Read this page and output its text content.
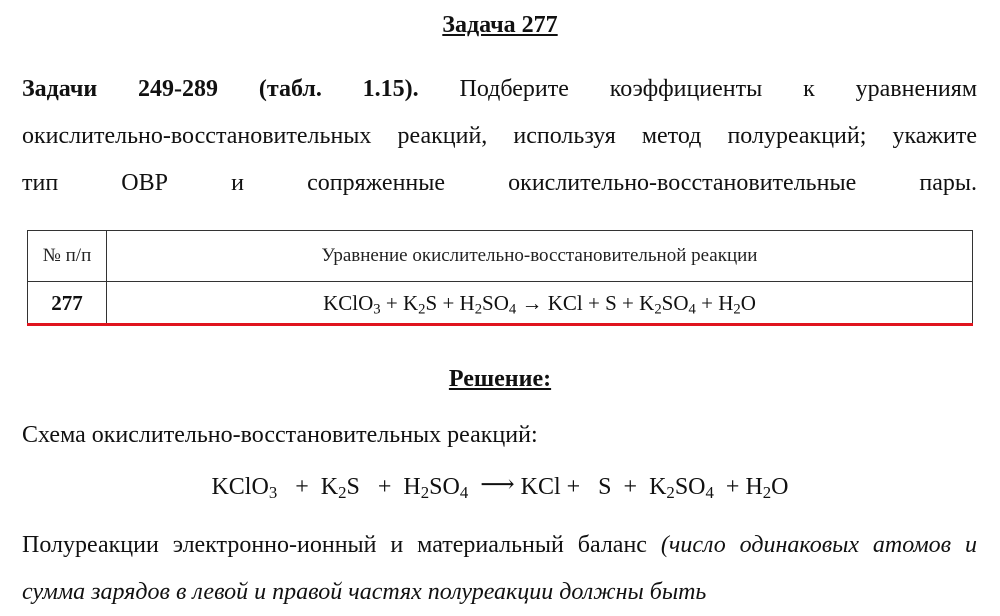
Задача 277
Задачи 249-289 (табл. 1.15). Подберите коэффициенты к уравнениям
окислительно-восстановительных реакций, используя метод полуреакций; укажите
тип ОВР и сопряженные окислительно-восстановительные пары.
№ п/п	Уравнение окислительно-восстановительной реакции
277	KClO$_3$ + $K_2S + H_2SO_4$ → KCl + $S + K_2SO_4 + H_2O$
Решение:
Схема окислительно-восстановительных реакций:
KClO$_3$ + $K_2S + H_2SO_4$ ⟶ KCl + $S + K_2SO_4 + H_2O$
Полуреакции электронно-ионный и материальный баланс (число одинаковых атомов и сумма зарядов в левой и правой частях полуреакции должны быть
